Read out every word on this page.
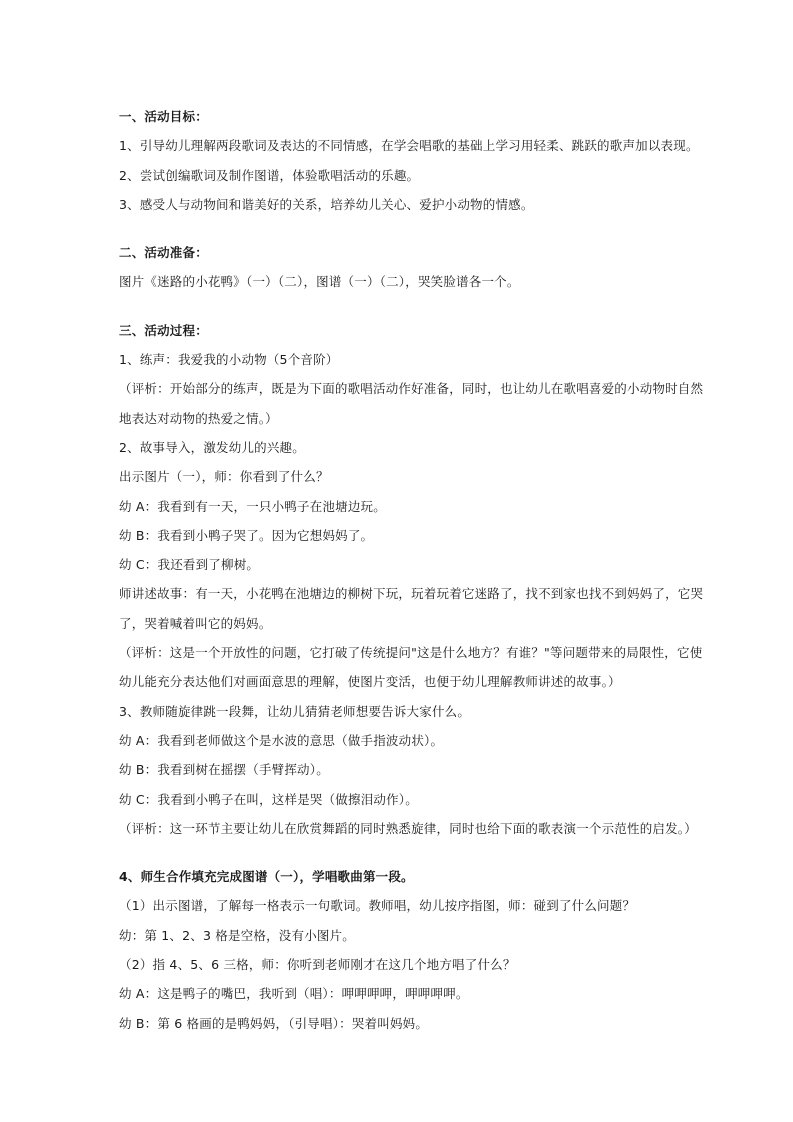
一、活动目标：
1、引导幼儿理解两段歌词及表达的不同情感，在学会唱歌的基础上学习用轻柔、跳跃的歌声加以表现。
2、尝试创编歌词及制作图谱，体验歌唱活动的乐趣。
3、感受人与动物间和谐美好的关系，培养幼儿关心、爱护小动物的情感。
二、活动准备：
图片《迷路的小花鸭》（一）（二），图谱（一）（二），哭笑脸谱各一个。
三、活动过程：
1、练声：我爱我的小动物（5个音阶）
（评析：开始部分的练声，既是为下面的歌唱活动作好准备，同时，也让幼儿在歌唱喜爱的小动物时自然
地表达对动物的热爱之情。）
2、故事导入，激发幼儿的兴趣。
出示图片（一），师：你看到了什么？
幼 A：我看到有一天，一只小鸭子在池塘边玩。
幼 B：我看到小鸭子哭了。因为它想妈妈了。
幼 C：我还看到了柳树。
师讲述故事：有一天，小花鸭在池塘边的柳树下玩，玩着玩着它迷路了，找不到家也找不到妈妈了，它哭
了，哭着喊着叫它的妈妈。
（评析：这是一个开放性的问题，它打破了传统提问"这是什么地方？有谁？"等问题带来的局限性，它使
幼儿能充分表达他们对画面意思的理解，使图片变活，也便于幼儿理解教师讲述的故事。）
3、教师随旋律跳一段舞，让幼儿猜猜老师想要告诉大家什么。
幼 A：我看到老师做这个是水波的意思（做手指波动状）。
幼 B：我看到树在摇摆（手臂挥动）。
幼 C：我看到小鸭子在叫，这样是哭（做擦泪动作）。
（评析：这一环节主要让幼儿在欣赏舞蹈的同时熟悉旋律，同时也给下面的歌表演一个示范性的启发。）
4、师生合作填充完成图谱（一），学唱歌曲第一段。
（1）出示图谱，了解每一格表示一句歌词。教师唱，幼儿按序指图，师：碰到了什么问题？
幼：第 1、2、3 格是空格，没有小图片。
（2）指 4、5、6 三格，师：你听到老师刚才在这几个地方唱了什么？
幼 A：这是鸭子的嘴巴，我听到（唱）：呷呷呷呷，呷呷呷呷。
幼 B：第 6 格画的是鸭妈妈，（引导唱）：哭着叫妈妈。
